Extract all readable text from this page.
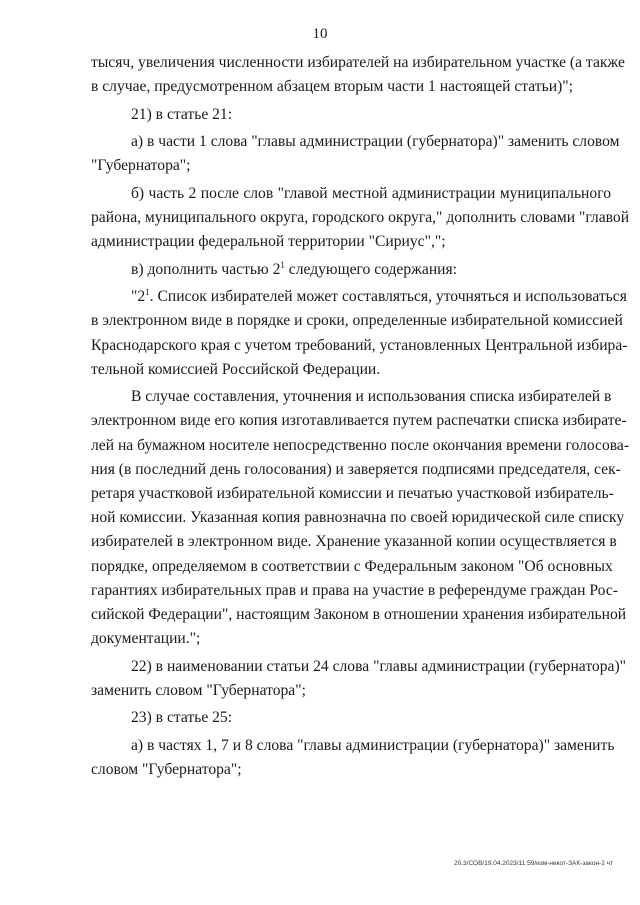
10
тысяч, увеличения численности избирателей на избирательном участке (а также
в случае, предусмотренном абзацем вторым части 1 настоящей статьи)";
21) в статье 21:
а) в части 1 слова "главы администрации (губернатора)" заменить словом
"Губернатора";
б) часть 2 после слов "главой местной администрации муниципального
района, муниципального округа, городского округа," дополнить словами "главой
администрации федеральной территории "Сириус",";
в) дополнить частью $2^1$ следующего содержания:
"$2^1$. Список избирателей может составляться, уточняться и использоваться
в электронном виде в порядке и сроки, определенные избирательной комиссией
Краснодарского края с учетом требований, установленных Центральной избира-
тельной комиссией Российской Федерации.
В случае составления, уточнения и использования списка избирателей в
электронном виде его копия изготавливается путем распечатки списка избирате-
лей на бумажном носителе непосредственно после окончания времени голосова-
ния (в последний день голосования) и заверяется подписями председателя, сек-
ретаря участковой избирательной комиссии и печатью участковой избиратель-
ной комиссии. Указанная копия равнозначна по своей юридической силе списку
избирателей в электронном виде. Хранение указанной копии осуществляется в
порядке, определяемом в соответствии с Федеральным законом "Об основных
гарантиях избирательных прав и права на участие в референдуме граждан Рос-
сийской Федерации", настоящим Законом в отношении хранения избирательной
документации.";
22) в наименовании статьи 24 слова "главы администрации (губернатора)"
заменить словом "Губернатора";
23) в статье 25:
а) в частях 1, 7 и 8 слова "главы администрации (губернатора)" заменить
словом "Губернатора";
20.3/СОВ/19.04.2023/11:59/изм-некот-ЗАК-закон-2 чт
